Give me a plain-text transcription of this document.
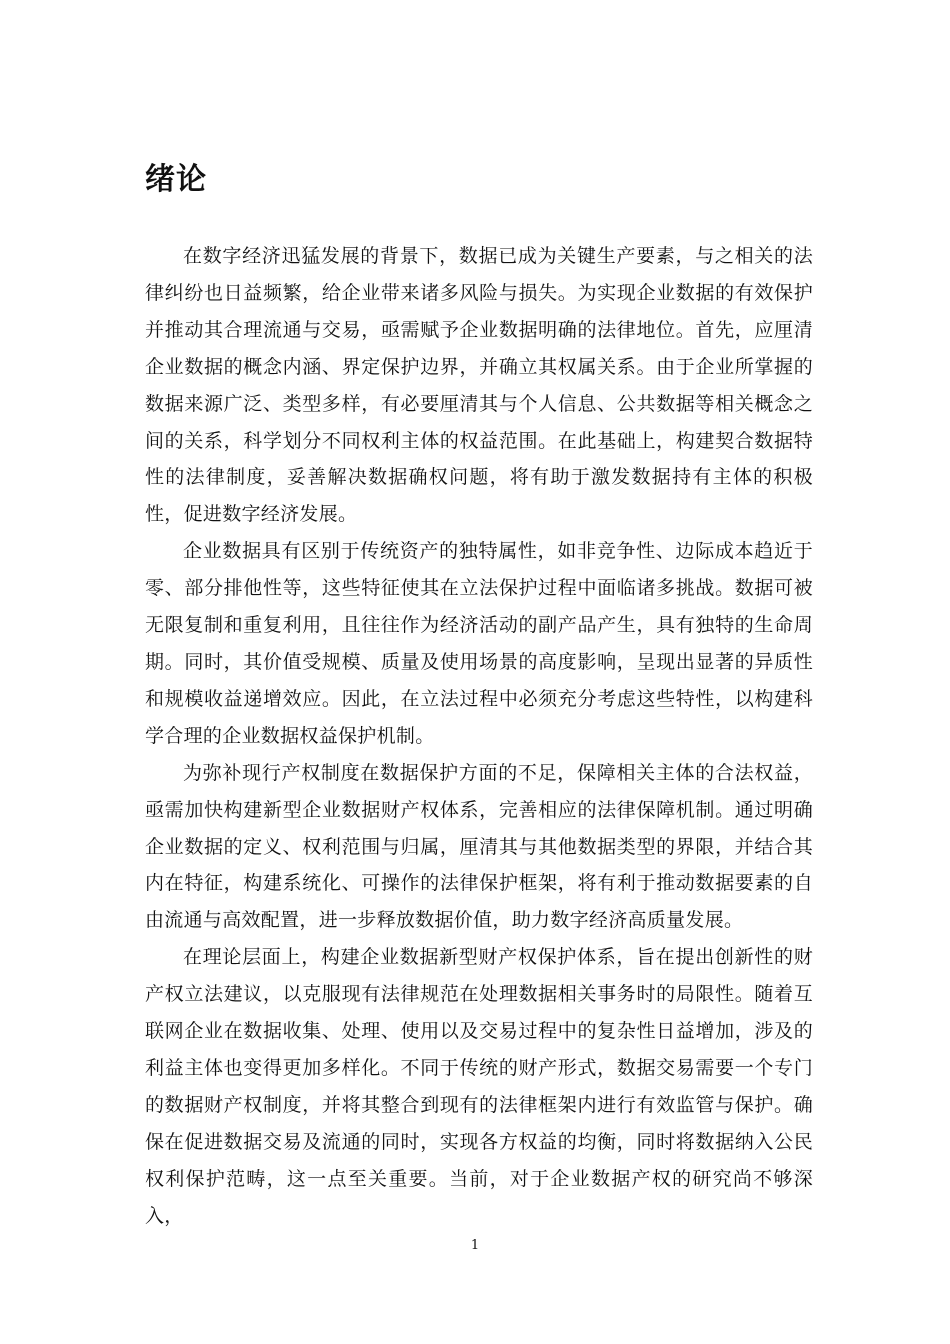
绪论

在数字经济迅猛发展的背景下，数据已成为关键生产要素，与之相关的法律纠纷也日益频繁，给企业带来诸多风险与损失。为实现企业数据的有效保护并推动其合理流通与交易，亟需赋予企业数据明确的法律地位。首先，应厘清企业数据的概念内涵、界定保护边界，并确立其权属关系。由于企业所掌握的数据来源广泛、类型多样，有必要厘清其与个人信息、公共数据等相关概念之间的关系，科学划分不同权利主体的权益范围。在此基础上，构建契合数据特性的法律制度，妥善解决数据确权问题，将有助于激发数据持有主体的积极性，促进数字经济发展。

企业数据具有区别于传统资产的独特属性，如非竞争性、边际成本趋近于零、部分排他性等，这些特征使其在立法保护过程中面临诸多挑战。数据可被无限复制和重复利用，且往往作为经济活动的副产品产生，具有独特的生命周期。同时，其价值受规模、质量及使用场景的高度影响，呈现出显著的异质性和规模收益递增效应。因此，在立法过程中必须充分考虑这些特性，以构建科学合理的企业数据权益保护机制。

为弥补现行产权制度在数据保护方面的不足，保障相关主体的合法权益，亟需加快构建新型企业数据财产权体系，完善相应的法律保障机制。通过明确企业数据的定义、权利范围与归属，厘清其与其他数据类型的界限，并结合其内在特征，构建系统化、可操作的法律保护框架，将有利于推动数据要素的自由流通与高效配置，进一步释放数据价值，助力数字经济高质量发展。

在理论层面上，构建企业数据新型财产权保护体系，旨在提出创新性的财产权立法建议，以克服现有法律规范在处理数据相关事务时的局限性。随着互联网企业在数据收集、处理、使用以及交易过程中的复杂性日益增加，涉及的利益主体也变得更加多样化。不同于传统的财产形式，数据交易需要一个专门的数据财产权制度，并将其整合到现有的法律框架内进行有效监管与保护。确保在促进数据交易及流通的同时，实现各方权益的均衡，同时将数据纳入公民权利保护范畴，这一点至关重要。当前，对于企业数据产权的研究尚不够深入，

1
